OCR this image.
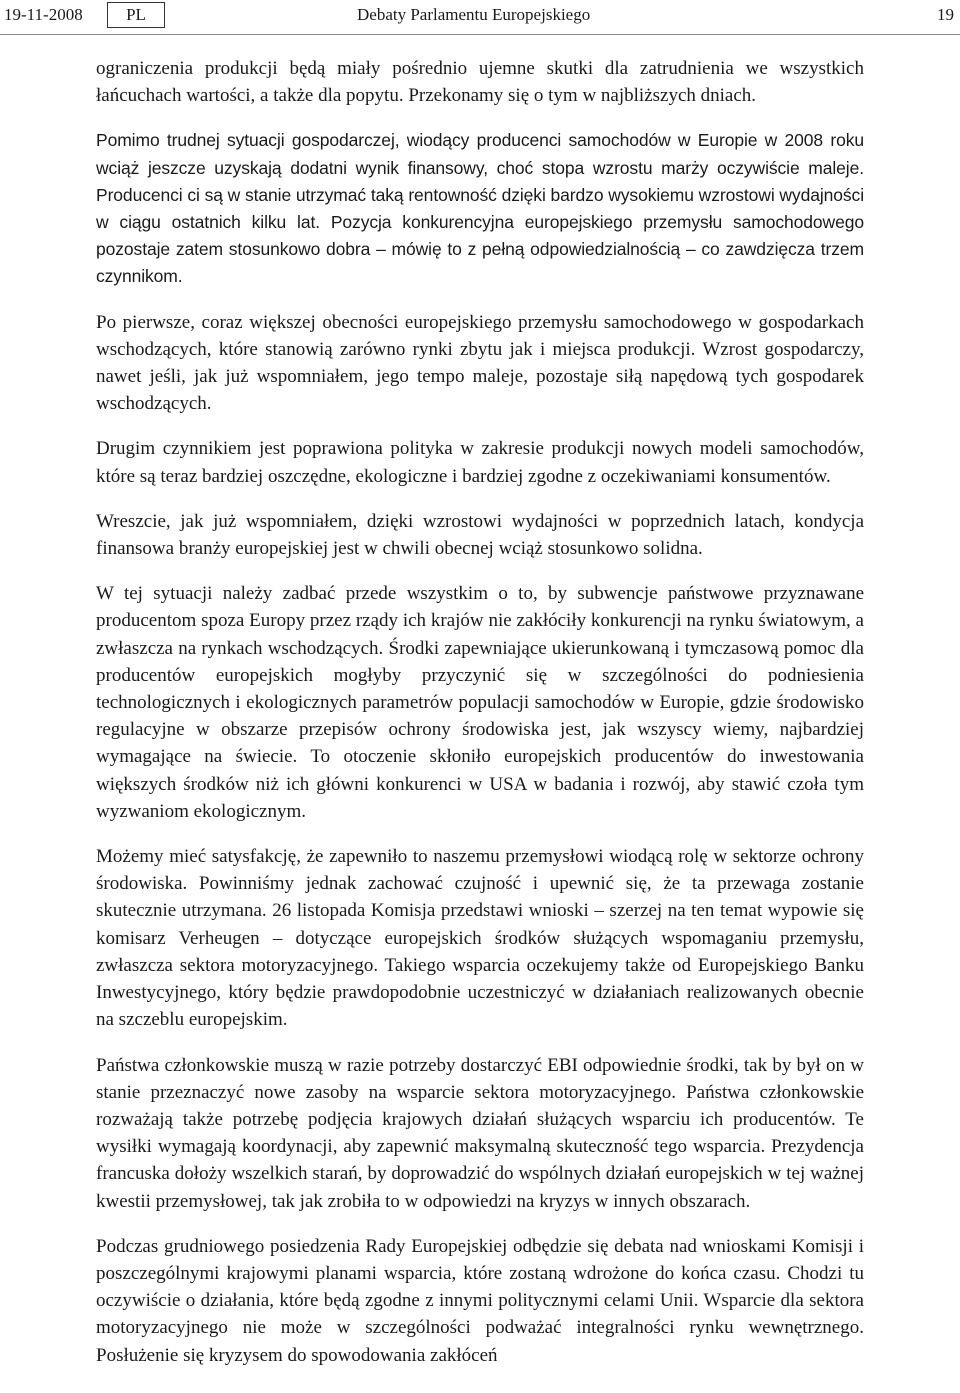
19-11-2008	PL	Debaty Parlamentu Europejskiego	19

ograniczenia produkcji będą miały pośrednio ujemne skutki dla zatrudnienia we wszystkich łańcuchach wartości, a także dla popytu. Przekonamy się o tym w najbliższych dniach.

Pomimo trudnej sytuacji gospodarczej, wiodący producenci samochodów w Europie w 2008 roku wciąż jeszcze uzyskają dodatni wynik finansowy, choć stopa wzrostu marży oczywiście maleje. Producenci ci są w stanie utrzymać taką rentowność dzięki bardzo wysokiemu wzrostowi wydajności w ciągu ostatnich kilku lat. Pozycja konkurencyjna europejskiego przemysłu samochodowego pozostaje zatem stosunkowo dobra – mówię to z pełną odpowiedzialnością – co zawdzięcza trzem czynnikom.

Po pierwsze, coraz większej obecności europejskiego przemysłu samochodowego w gospodarkach wschodzących, które stanowią zarówno rynki zbytu jak i miejsca produkcji. Wzrost gospodarczy, nawet jeśli, jak już wspomniałem, jego tempo maleje, pozostaje siłą napędową tych gospodarek wschodzących.

Drugim czynnikiem jest poprawiona polityka w zakresie produkcji nowych modeli samochodów, które są teraz bardziej oszczędne, ekologiczne i bardziej zgodne z oczekiwaniami konsumentów.

Wreszcie, jak już wspomniałem, dzięki wzrostowi wydajności w poprzednich latach, kondycja finansowa branży europejskiej jest w chwili obecnej wciąż stosunkowo solidna.

W tej sytuacji należy zadbać przede wszystkim o to, by subwencje państwowe przyznawane producentom spoza Europy przez rządy ich krajów nie zakłóciły konkurencji na rynku światowym, a zwłaszcza na rynkach wschodzących. Środki zapewniające ukierunkowaną i tymczasową pomoc dla producentów europejskich mogłyby przyczynić się w szczególności do podniesienia technologicznych i ekologicznych parametrów populacji samochodów w Europie, gdzie środowisko regulacyjne w obszarze przepisów ochrony środowiska jest, jak wszyscy wiemy, najbardziej wymagające na świecie. To otoczenie skłoniło europejskich producentów do inwestowania większych środków niż ich główni konkurenci w USA w badania i rozwój, aby stawić czoła tym wyzwaniom ekologicznym.

Możemy mieć satysfakcję, że zapewniło to naszemu przemysłowi wiodącą rolę w sektorze ochrony środowiska. Powinniśmy jednak zachować czujność i upewnić się, że ta przewaga zostanie skutecznie utrzymana. 26 listopada Komisja przedstawi wnioski – szerzej na ten temat wypowie się komisarz Verheugen – dotyczące europejskich środków służących wspomaganiu przemysłu, zwłaszcza sektora motoryzacyjnego. Takiego wsparcia oczekujemy także od Europejskiego Banku Inwestycyjnego, który będzie prawdopodobnie uczestniczyć w działaniach realizowanych obecnie na szczeblu europejskim.

Państwa członkowskie muszą w razie potrzeby dostarczyć EBI odpowiednie środki, tak by był on w stanie przeznaczyć nowe zasoby na wsparcie sektora motoryzacyjnego. Państwa członkowskie rozważają także potrzebę podjęcia krajowych działań służących wsparciu ich producentów. Te wysiłki wymagają koordynacji, aby zapewnić maksymalną skuteczność tego wsparcia. Prezydencja francuska dołoży wszelkich starań, by doprowadzić do wspólnych działań europejskich w tej ważnej kwestii przemysłowej, tak jak zrobiła to w odpowiedzi na kryzys w innych obszarach.

Podczas grudniowego posiedzenia Rady Europejskiej odbędzie się debata nad wnioskami Komisji i poszczególnymi krajowymi planami wsparcia, które zostaną wdrożone do końca czasu. Chodzi tu oczywiście o działania, które będą zgodne z innymi politycznymi celami Unii. Wsparcie dla sektora motoryzacyjnego nie może w szczególności podważać integralności rynku wewnętrznego. Posłużenie się kryzysem do spowodowania zakłóceń
